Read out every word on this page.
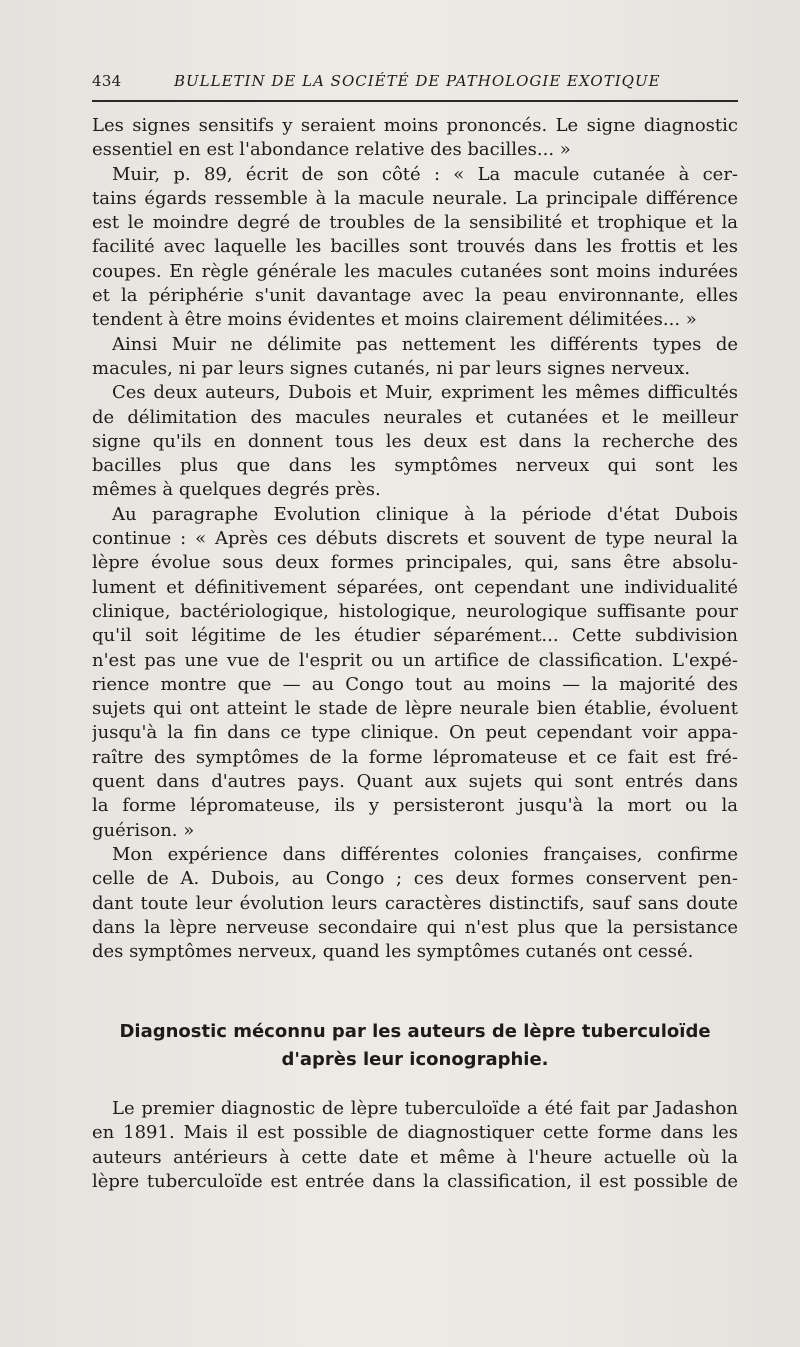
434	BULLETIN DE LA SOCIÉTÉ DE PATHOLOGIE EXOTIQUE
Les signes sensitifs y seraient moins prononcés. Le signe diagnostic
essentiel en est l'abondance relative des bacilles... »
Muir, p. 89, écrit de son côté : « La macule cutanée à cer-
tains égards ressemble à la macule neurale. La principale différence
est le moindre degré de troubles de la sensibilité et trophique et la
facilité avec laquelle les bacilles sont trouvés dans les frottis et les
coupes. En règle générale les macules cutanées sont moins indurées
et la périphérie s'unit davantage avec la peau environnante, elles
tendent à être moins évidentes et moins clairement délimitées... »
Ainsi Muir ne délimite pas nettement les différents types de
macules, ni par leurs signes cutanés, ni par leurs signes nerveux.
Ces deux auteurs, Dubois et Muir, expriment les mêmes difficultés
de délimitation des macules neurales et cutanées et le meilleur
signe qu'ils en donnent tous les deux est dans la recherche des
bacilles plus que dans les symptômes nerveux qui sont les
mêmes à quelques degrés près.
Au paragraphe Evolution clinique à la période d'état Dubois
continue : « Après ces débuts discrets et souvent de type neural la
lèpre évolue sous deux formes principales, qui, sans être absolu-
lument et définitivement séparées, ont cependant une individualité
clinique, bactériologique, histologique, neurologique suffisante pour
qu'il soit légitime de les étudier séparément... Cette subdivision
n'est pas une vue de l'esprit ou un artifice de classification. L'expé-
rience montre que — au Congo tout au moins — la majorité des
sujets qui ont atteint le stade de lèpre neurale bien établie, évoluent
jusqu'à la fin dans ce type clinique. On peut cependant voir appa-
raître des symptômes de la forme lépromateuse et ce fait est fré-
quent dans d'autres pays. Quant aux sujets qui sont entrés dans
la forme lépromateuse, ils y persisteront jusqu'à la mort ou la
guérison. »
Mon expérience dans différentes colonies françaises, confirme
celle de A. Dubois, au Congo ; ces deux formes conservent pen-
dant toute leur évolution leurs caractères distinctifs, sauf sans doute
dans la lèpre nerveuse secondaire qui n'est plus que la persistance
des symptômes nerveux, quand les symptômes cutanés ont cessé.
Diagnostic méconnu par les auteurs de lèpre tuberculoïde
d'après leur iconographie.
Le premier diagnostic de lèpre tuberculoïde a été fait par Jadashon
en 1891. Mais il est possible de diagnostiquer cette forme dans les
auteurs antérieurs à cette date et même à l'heure actuelle où la
lèpre tuberculoïde est entrée dans la classification, il est possible de
